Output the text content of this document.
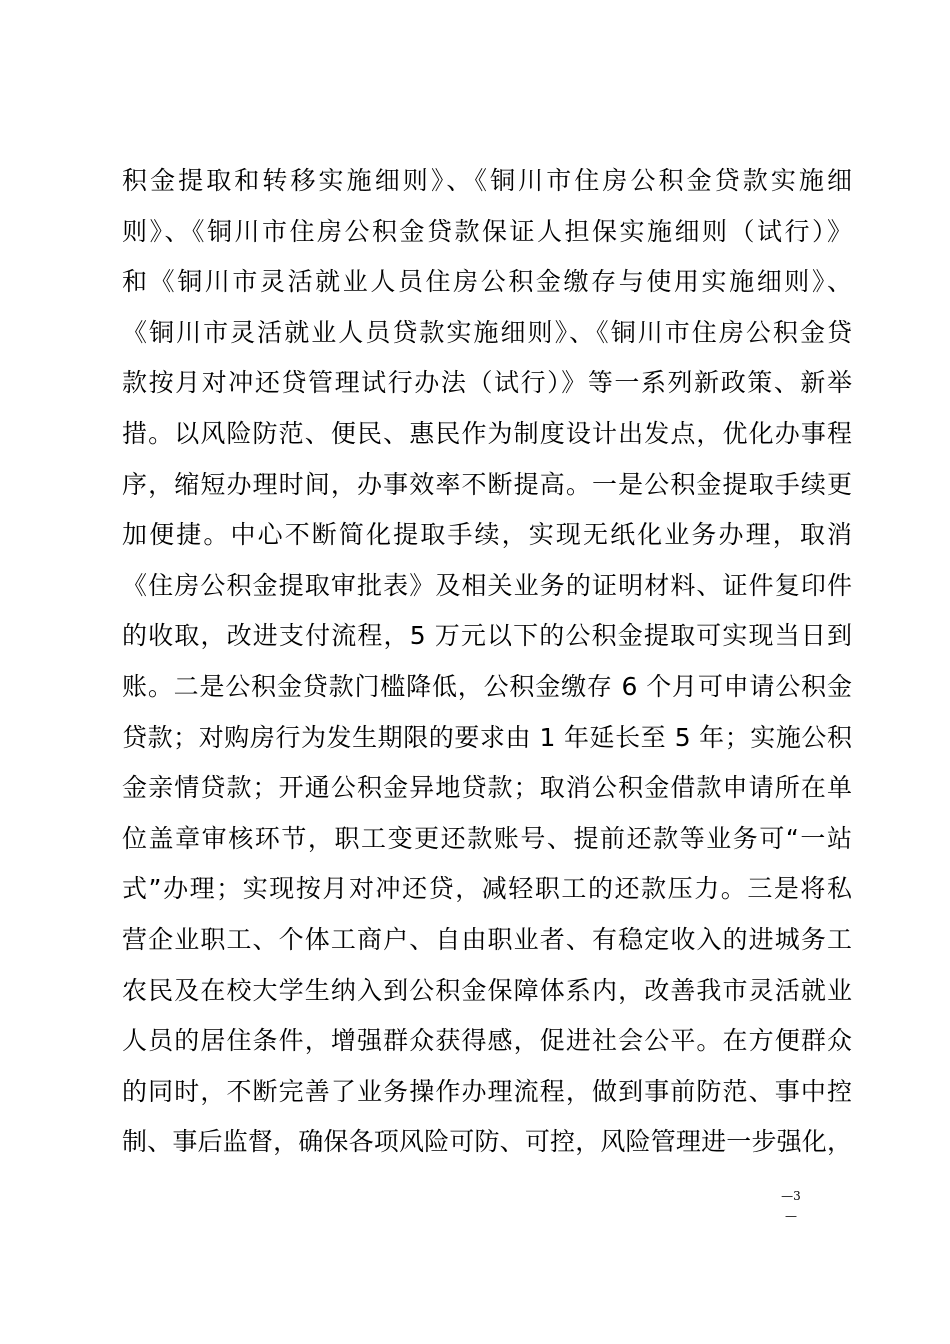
积金提取和转移实施细则》、《铜川市住房公积金贷款实施细
则》、《铜川市住房公积金贷款保证人担保实施细则（试行）》
和《铜川市灵活就业人员住房公积金缴存与使用实施细则》、
《铜川市灵活就业人员贷款实施细则》、《铜川市住房公积金贷
款按月对冲还贷管理试行办法（试行）》等一系列新政策、新举
措。以风险防范、便民、惠民作为制度设计出发点，优化办事程
序，缩短办理时间，办事效率不断提高。一是公积金提取手续更
加便捷。中心不断简化提取手续，实现无纸化业务办理，取消
《住房公积金提取审批表》及相关业务的证明材料、证件复印件
的收取，改进支付流程，5 万元以下的公积金提取可实现当日到
账。二是公积金贷款门槛降低，公积金缴存 6 个月可申请公积金
贷款；对购房行为发生期限的要求由 1 年延长至 5 年；实施公积
金亲情贷款；开通公积金异地贷款；取消公积金借款申请所在单
位盖章审核环节，职工变更还款账号、提前还款等业务可“一站
式”办理；实现按月对冲还贷，减轻职工的还款压力。三是将私
营企业职工、个体工商户、自由职业者、有稳定收入的进城务工
农民及在校大学生纳入到公积金保障体系内，改善我市灵活就业
人员的居住条件，增强群众获得感，促进社会公平。在方便群众
的同时，不断完善了业务操作办理流程，做到事前防范、事中控
制、事后监督，确保各项风险可防、可控，风险管理进一步强化，
—3—
